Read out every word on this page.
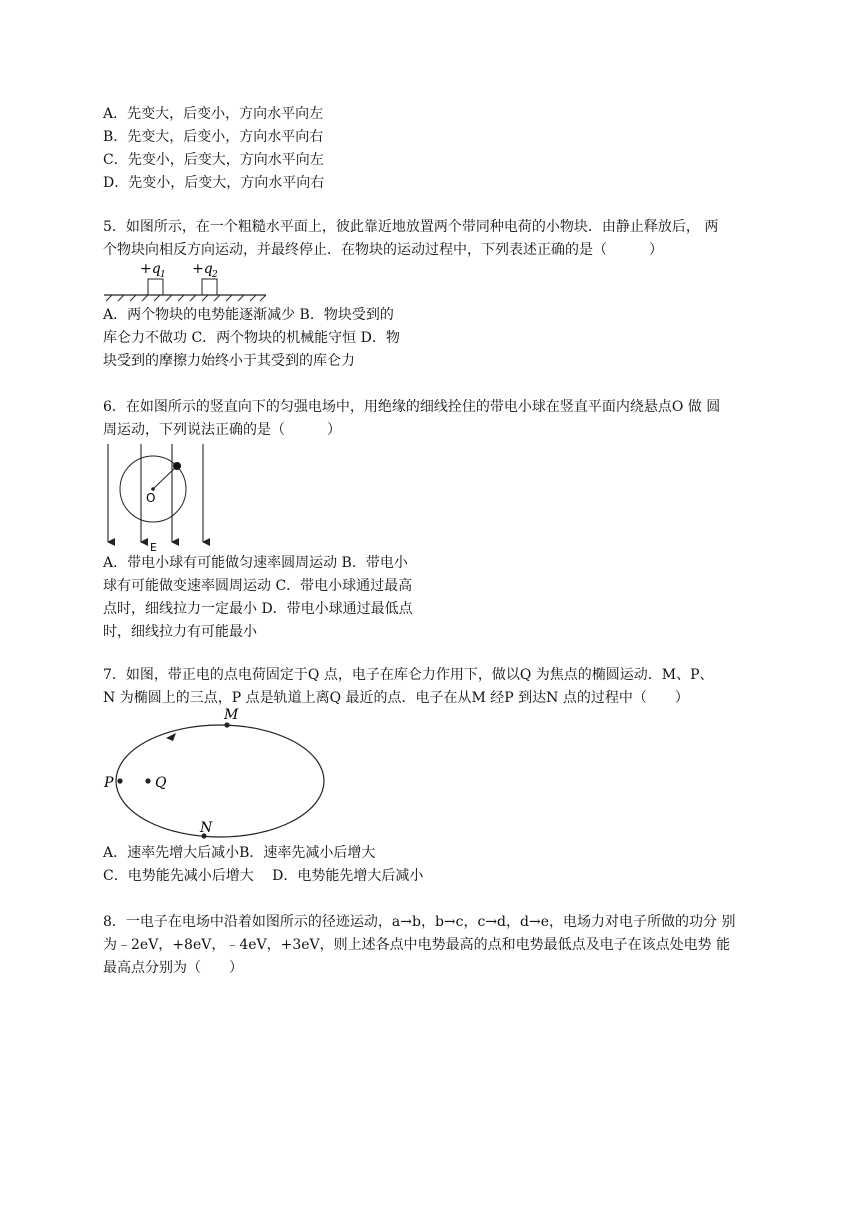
A．先变大，后变小，方向水平向左
B．先变大，后变小，方向水平向右
C．先变小，后变大，方向水平向左
D．先变小，后变大，方向水平向右
5．如图所示，在一个粗糙水平面上，彼此靠近地放置两个带同种电荷的小物块．由静止释放后， 两
个物块向相反方向运动，并最终停止．在物块的运动过程中，下列表述正确的是（　　　）
+q 1 +q 2
A．两个物块的电势能逐渐减少 B．物块受到的
库仑力不做功 C．两个物块的机械能守恒 D．物
块受到的摩擦力始终小于其受到的库仑力
6．在如图所示的竖直向下的匀强电场中，用绝缘的细线拴住的带电小球在竖直平面内绕悬点O 做 圆
周运动，下列说法正确的是（　　　）
O
E
A．带电小球有可能做匀速率圆周运动 B．带电小
球有可能做变速率圆周运动 C．带电小球通过最高
点时，细线拉力一定最小 D．带电小球通过最低点
时，细线拉力有可能最小
7．如图，带正电的点电荷固定于Q 点，电子在库仑力作用下，做以Q 为焦点的椭圆运动．M、P、
N 为椭圆上的三点，P 点是轨道上离Q 最近的点．电子在从M 经P 到达N 点的过程中（　　）
M
P	Q
N
A．速率先增大后减小B．速率先减小后增大
C．电势能先减小后增大　 D．电势能先增大后减小
8．一电子在电场中沿着如图所示的径迹运动，a→b，b→c，c→d，d→e，电场力对电子所做的功分 别
为﹣2eV，+8eV，﹣4eV，+3eV，则上述各点中电势最高的点和电势最低点及电子在该点处电势 能
最高点分别为（　　）
